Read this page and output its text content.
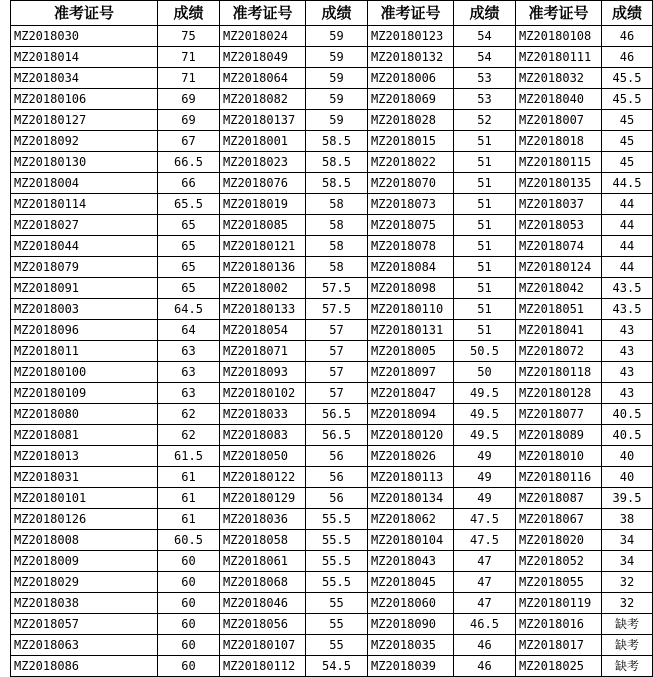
准考证号	成绩	准考证号	成绩	准考证号	成绩	准考证号	成绩
MZ2018030	75	MZ2018024	59	MZ20180123	54	MZ20180108	46
MZ2018014	71	MZ2018049	59	MZ20180132	54	MZ20180111	46
MZ2018034	71	MZ2018064	59	MZ2018006	53	MZ2018032	45.5
MZ20180106	69	MZ2018082	59	MZ2018069	53	MZ2018040	45.5
MZ20180127	69	MZ20180137	59	MZ2018028	52	MZ2018007	45
MZ2018092	67	MZ2018001	58.5	MZ2018015	51	MZ2018018	45
MZ20180130	66.5	MZ2018023	58.5	MZ2018022	51	MZ20180115	45
MZ2018004	66	MZ2018076	58.5	MZ2018070	51	MZ20180135	44.5
MZ20180114	65.5	MZ2018019	58	MZ2018073	51	MZ2018037	44
MZ2018027	65	MZ2018085	58	MZ2018075	51	MZ2018053	44
MZ2018044	65	MZ20180121	58	MZ2018078	51	MZ2018074	44
MZ2018079	65	MZ20180136	58	MZ2018084	51	MZ20180124	44
MZ2018091	65	MZ2018002	57.5	MZ2018098	51	MZ2018042	43.5
MZ2018003	64.5	MZ20180133	57.5	MZ20180110	51	MZ2018051	43.5
MZ2018096	64	MZ2018054	57	MZ20180131	51	MZ2018041	43
MZ2018011	63	MZ2018071	57	MZ2018005	50.5	MZ2018072	43
MZ20180100	63	MZ2018093	57	MZ2018097	50	MZ20180118	43
MZ20180109	63	MZ20180102	57	MZ2018047	49.5	MZ20180128	43
MZ2018080	62	MZ2018033	56.5	MZ2018094	49.5	MZ2018077	40.5
MZ2018081	62	MZ2018083	56.5	MZ20180120	49.5	MZ2018089	40.5
MZ2018013	61.5	MZ2018050	56	MZ2018026	49	MZ2018010	40
MZ2018031	61	MZ20180122	56	MZ20180113	49	MZ20180116	40
MZ20180101	61	MZ20180129	56	MZ20180134	49	MZ2018087	39.5
MZ20180126	61	MZ2018036	55.5	MZ2018062	47.5	MZ2018067	38
MZ2018008	60.5	MZ2018058	55.5	MZ20180104	47.5	MZ2018020	34
MZ2018009	60	MZ2018061	55.5	MZ2018043	47	MZ2018052	34
MZ2018029	60	MZ2018068	55.5	MZ2018045	47	MZ2018055	32
MZ2018038	60	MZ2018046	55	MZ2018060	47	MZ20180119	32
MZ2018057	60	MZ2018056	55	MZ2018090	46.5	MZ2018016	缺考
MZ2018063	60	MZ20180107	55	MZ2018035	46	MZ2018017	缺考
MZ2018086	60	MZ20180112	54.5	MZ2018039	46	MZ2018025	缺考
